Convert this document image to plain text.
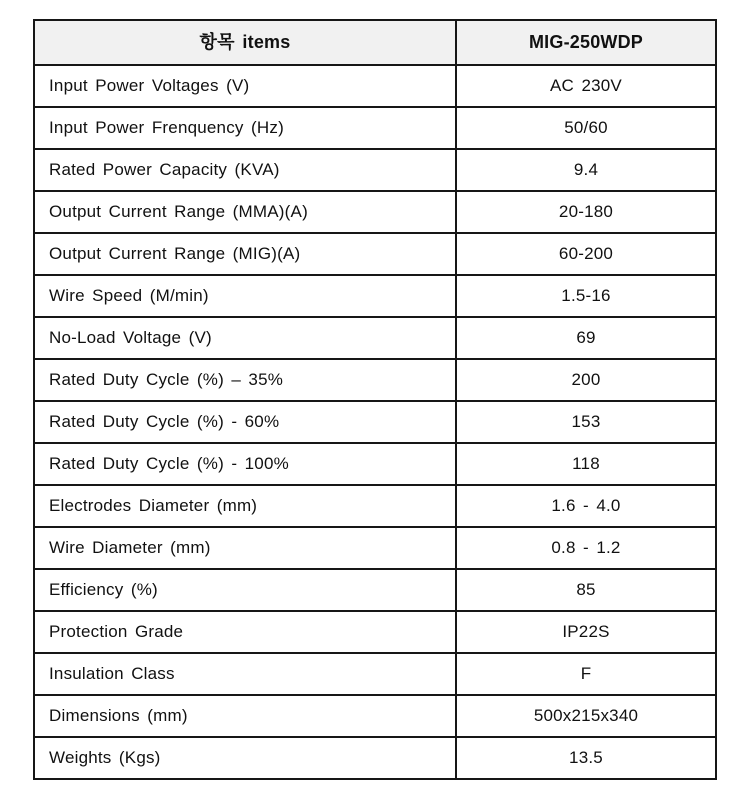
항목 items	MIG-250WDP
Input Power Voltages (V)	AC 230V
Input Power Frenquency (Hz)	50/60
Rated Power Capacity (KVA)	9.4
Output Current Range (MMA)(A)	20-180
Output Current Range (MIG)(A)	60-200
Wire Speed (M/min)	1.5-16
No-Load Voltage (V)	69
Rated Duty Cycle (%) – 35%	200
Rated Duty Cycle (%) - 60%	153
Rated Duty Cycle (%) - 100%	118
Electrodes Diameter (mm)	1.6 - 4.0
Wire Diameter (mm)	0.8 - 1.2
Efficiency (%)	85
Protection Grade	IP22S
Insulation Class	F
Dimensions (mm)	500x215x340
Weights (Kgs)	13.5
